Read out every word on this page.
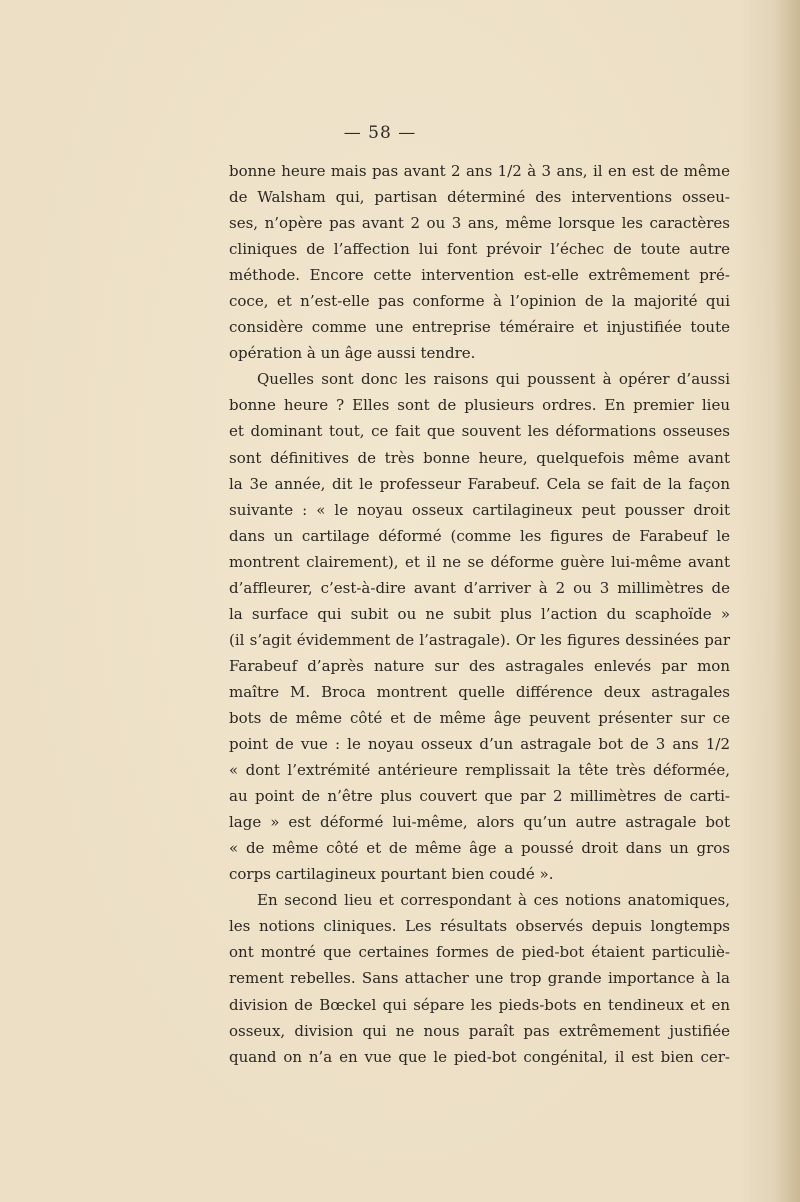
— 58 —
bonne heure mais pas avant 2 ans 1/2 à 3 ans, il en est de même
de Walsham qui, partisan déterminé des interventions osseu-
ses, n’opère pas avant 2 ou 3 ans, même lorsque les caractères
cliniques de l’affection lui font prévoir l’échec de toute autre
méthode. Encore cette intervention est-elle extrêmement pré-
coce, et n’est-elle pas conforme à l’opinion de la majorité qui
considère comme une entreprise téméraire et injustifiée toute
opération à un âge aussi tendre.
Quelles sont donc les raisons qui poussent à opérer d’aussi
bonne heure ? Elles sont de plusieurs ordres. En premier lieu
et dominant tout, ce fait que souvent les déformations osseuses
sont définitives de très bonne heure, quelquefois même avant
la 3e année, dit le professeur Farabeuf. Cela se fait de la façon
suivante : « le noyau osseux cartilagineux peut pousser droit
dans un cartilage déformé (comme les figures de Farabeuf le
montrent clairement), et il ne se déforme guère lui-même avant
d’affleurer, c’est-à-dire avant d’arriver à 2 ou 3 millimètres de
la surface qui subit ou ne subit plus l’action du scaphoïde »
(il s’agit évidemment de l’astragale). Or les figures dessinées par
Farabeuf d’après nature sur des astragales enlevés par mon
maître M. Broca montrent quelle différence deux astragales
bots de même côté et de même âge peuvent présenter sur ce
point de vue : le noyau osseux d’un astragale bot de 3 ans 1/2
« dont l’extrémité antérieure remplissait la tête très déformée,
au point de n’être plus couvert que par 2 millimètres de carti-
lage » est déformé lui-même, alors qu’un autre astragale bot
« de même côté et de même âge a poussé droit dans un gros
corps cartilagineux pourtant bien coudé ».
En second lieu et correspondant à ces notions anatomiques,
les notions cliniques. Les résultats observés depuis longtemps
ont montré que certaines formes de pied-bot étaient particuliè-
rement rebelles. Sans attacher une trop grande importance à la
division de Bœckel qui sépare les pieds-bots en tendineux et en
osseux, division qui ne nous paraît pas extrêmement justifiée
quand on n’a en vue que le pied-bot congénital, il est bien cer-
